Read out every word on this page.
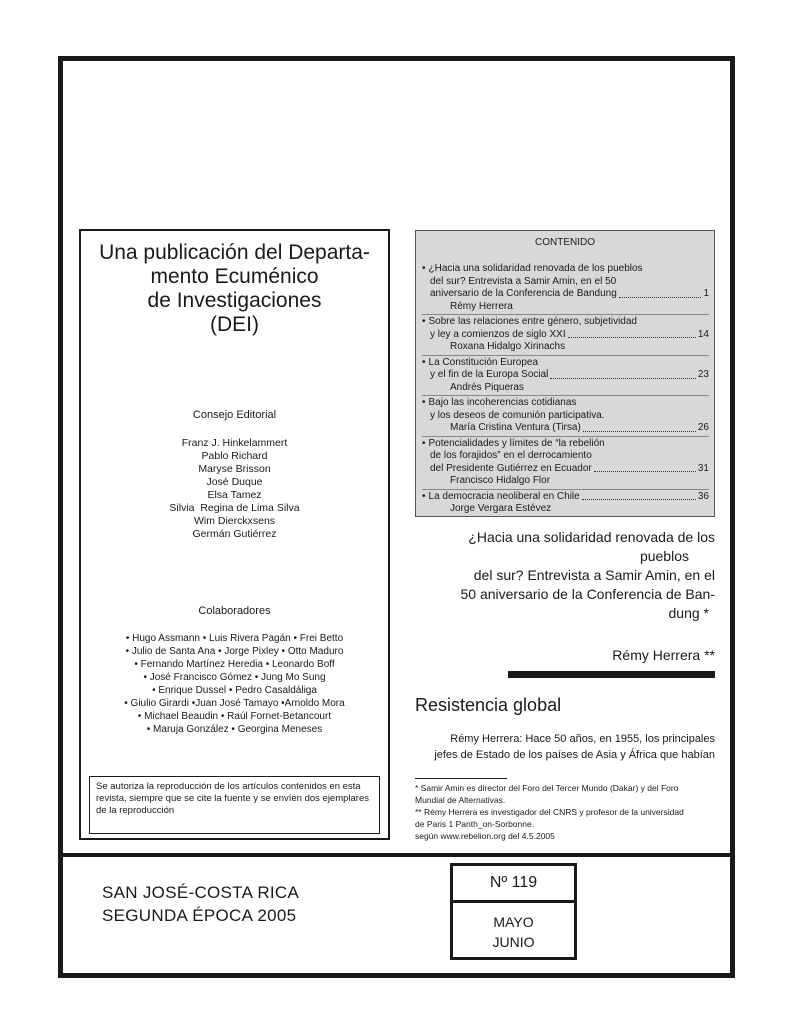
Una publicación del Departa-
mento Ecuménico
de Investigaciones
(DEI)
Consejo Editorial
Franz J. Hinkelammert
Pablo Richard
Maryse Brisson
José Duque
Elsa Tamez
Silvia  Regina de Lima Silva
Wim Dierckxsens
Germán Gutiérrez
Colaboradores
• Hugo Assmann • Luis Rivera Pagán • Frei Betto
• Julio de Santa Ana • Jorge Pixley • Otto Maduro
• Fernando Martínez Heredia • Leonardo Boff
• José Francisco Gómez • Jung Mo Sung
• Enrique Dussel • Pedro Casaldáliga
• Giulio Girardi •Juan José Tamayo •Arnoldo Mora
• Michael Beaudin • Raúl Fornet-Betancourt
• Maruja González • Georgina Meneses
Se autoriza la reproducción de los artículos contenidos en esta revista, siempre que se cite la fuente y se envíen dos ejemplares de la reproducción
CONTENIDO
• ¿Hacia una solidaridad renovada de los pueblos
del sur? Entrevista a Samir Amin, en el 50
aniversario de la Conferencia de Bandung	1
Rémy Herrera
• Sobre las relaciones entre género, subjetividad
y ley a comienzos de siglo XXI	14
Roxana Hidalgo Xirinachs
• La Constitución Europea
y el fin de la Europa Social	23
Andrés Piqueras
• Bajo las incoherencias cotidianas
y los deseos de comunión participativa.
María Cristina Ventura (Tirsa)	26
• Potencialidades y límites de “la rebelión
de los forajidos” en el derrocamiento
del Presidente Gutiérrez en Ecuador	31
Francisco Hidalgo Flor
• La democracia neoliberal en Chile	36
Jorge Vergara Estévez
¿Hacia una solidaridad renovada de los
pueblos
del sur? Entrevista a Samir Amin, en el
50 aniversario de la Conferencia de Ban-
dung *
Rémy Herrera **
Resistencia global
Rémy Herrera: Hace 50 años, en 1955, los principales
jefes de Estado de los países de Asia y África que habían
* Samir Amin es director del Foro del Tercer Mundo (Dakar) y del Foro
Mundial de Alternativas.
** Rémy Herrera es investigador del CNRS y profesor de la universidad
de Paris 1 Panth_on-Sorbonne.
según www.rebelion.org del 4.5.2005
SAN JOSÉ-COSTA RICA
SEGUNDA ÉPOCA 2005
Nº 119
MAYO
JUNIO
